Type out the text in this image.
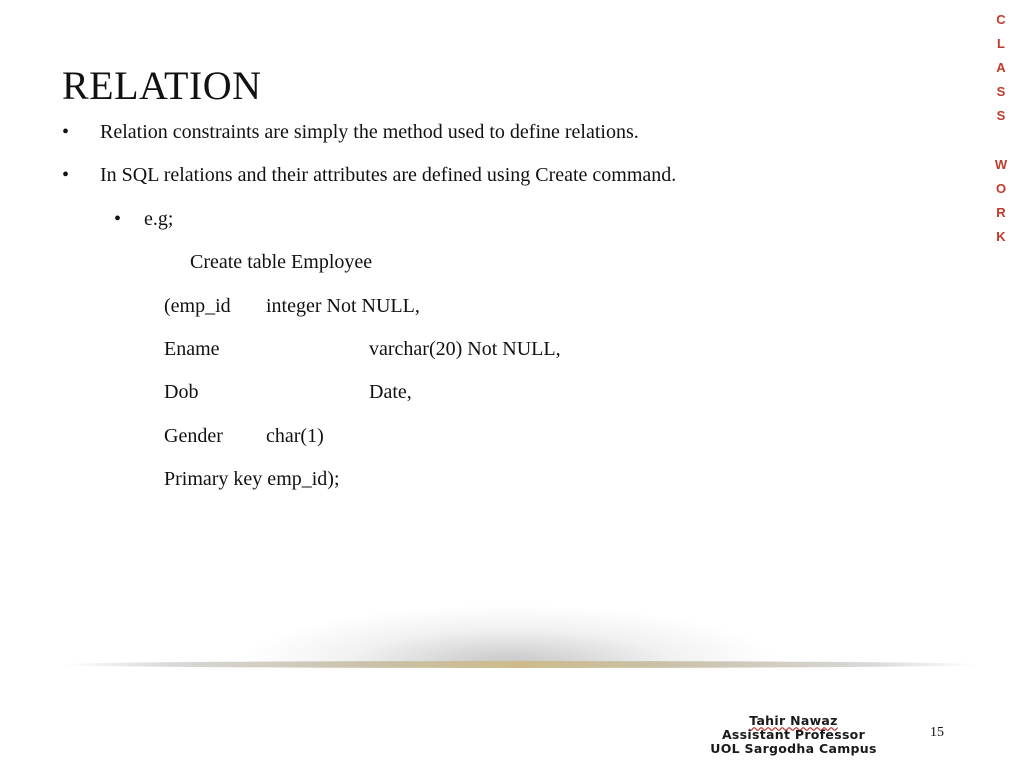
RELATION
• Relation constraints are simply the method used to define relations.
• In SQL relations and their attributes are defined using Create command.
• e.g;
Create table Employee
(emp_id integer Not NULL,
Ename	varchar(20) Not NULL,
Dob	Date,
Gender char(1)
Primary key emp_id);
C
L
A
S
S
W
O
R
K
Tahir Nawaz
Assistant Professor
UOL Sargodha Campus
15
